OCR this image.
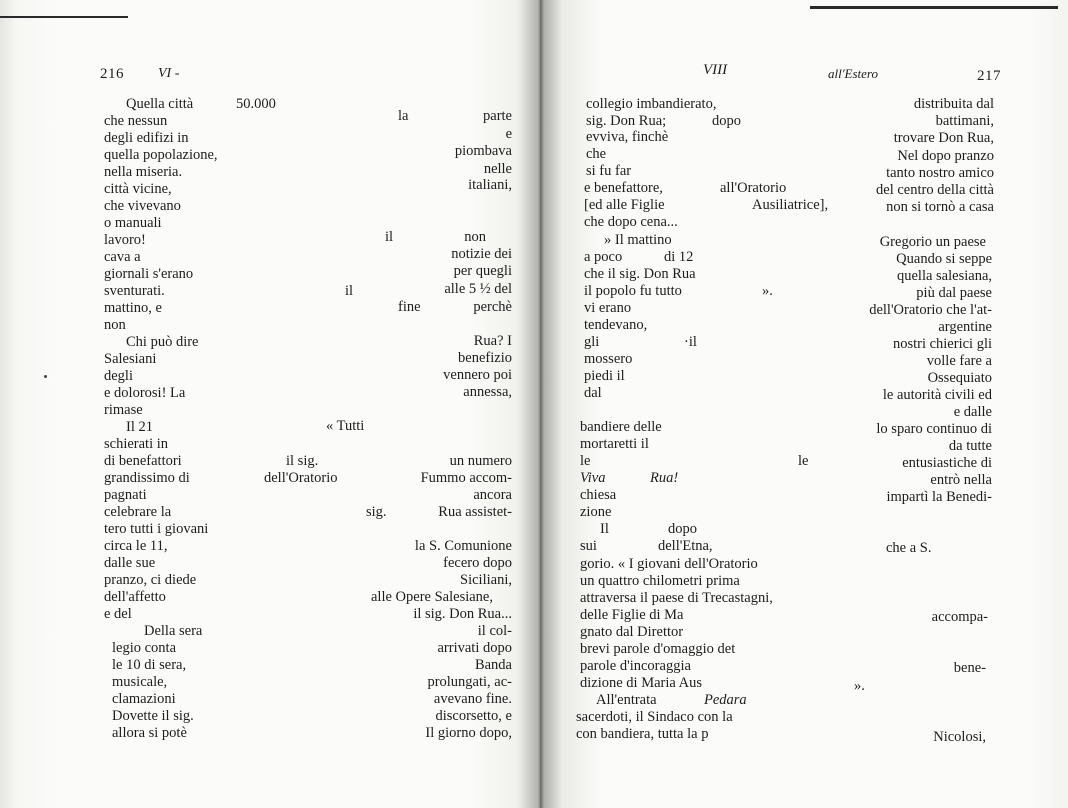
216 VI -
Quella città
che nessun
degli edifizi in
quella popolazione,
nella miseria.
città vicine,
che vivevano
o manuali
lavoro!
cava a
giornali s'erano
sventurati.
mattino, e
non
Chi può dire
Salesiani
degli
e dolorosi! La
rimase
Il 21
schierati in
di benefattori
grandissimo di
pagnati
celebrare la
tero tutti i giovani
circa le 11,
dalle sue
pranzo, ci diede
dell'affetto
e del
Della sera
legio conta
le 10 di sera,
musicale,
clamazioni
Dovette il sig.
allora si potè
50.000
la
il
il
fine
« Tutti
il sig.
dell'Oratorio
sig.
alle Opere Salesiane,
parte
e
piombava
nelle
italiani,
non
notizie dei
per quegli
alle 5 ½ del
perchè
Rua? I
benefizio
vennero poi
annessa,
un numero
Fummo accom-
ancora
Rua assistet-
la S. Comunione
fecero dopo
Siciliani,
il sig. Don Rua...
il col-
arrivati dopo
Banda
prolungati, ac-
avevano fine.
discorsetto, e
Il giorno dopo,
VIII	all'Estero	217
collegio imbandierato,
sig. Don Rua;
evviva, finchè
che
si fu far
e benefattore,
[ed alle Figlie
che dopo cena...
» Il mattino
a poco
che il sig. Don Rua
il popolo fu tutto
vi erano
tendevano,
gli
mossero
piedi il
dal
bandiere delle
mortaretti il
le
Viva
chiesa
zione
Il
sui
gorio. « I giovani dell'Oratorio
un quattro chilometri prima
attraversa il paese di Trecastagni,
delle Figlie di Ma
gnato dal Direttor
brevi parole d'omaggio det
parole d'incoraggia
dizione di Maria Aus
All'entrata
sacerdoti, il Sindaco con la
con bandiera, tutta la p
dopo
all'Oratorio
Ausiliatrice],
di 12
».
·il
Rua!
le
dopo
dell'Etna,
Pedara
distribuita dal
battimani,
trovare Don Rua,
Nel dopo pranzo
tanto nostro amico
del centro della città
non si tornò a casa
Gregorio un paese
Quando si seppe
quella salesiana,
più dal paese
dell'Oratorio che l'at-
argentine
nostri chierici gli
volle fare a
Ossequiato
le autorità civili ed
e dalle
lo sparo continuo di
da tutte
entusiastiche di
entrò nella
impartì la Benedi-
che a S.
accompa-
bene-
».
Nicolosi,
